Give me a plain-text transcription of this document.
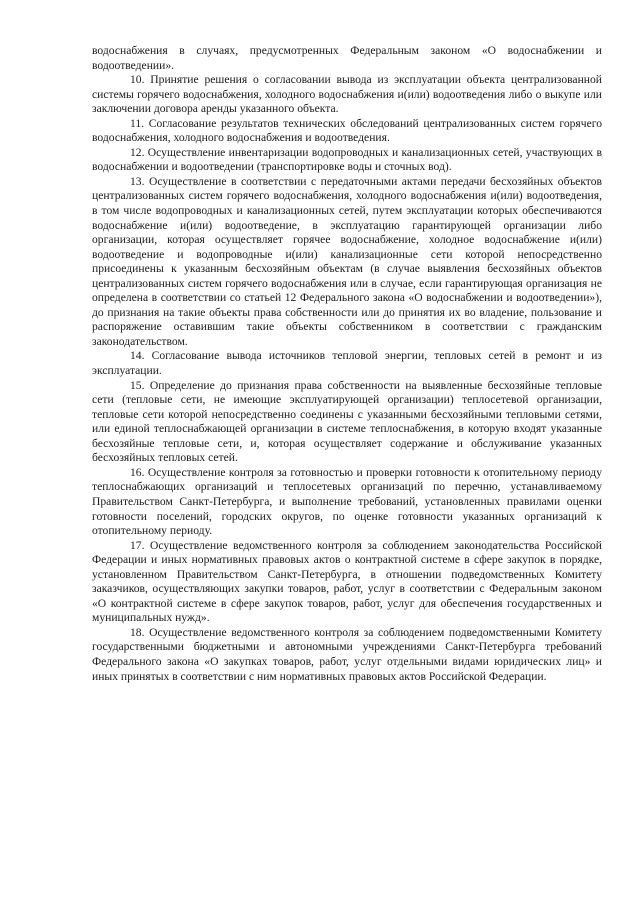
водоснабжения в случаях, предусмотренных Федеральным законом «О водоснабжении и водоотведении».

10. Принятие решения о согласовании вывода из эксплуатации объекта централизованной системы горячего водоснабжения, холодного водоснабжения и(или) водоотведения либо о выкупе или заключении договора аренды указанного объекта.

11. Согласование результатов технических обследований централизованных систем горячего водоснабжения, холодного водоснабжения и водоотведения.

12. Осуществление инвентаризации водопроводных и канализационных сетей, участвующих в водоснабжении и водоотведении (транспортировке воды и сточных вод).

13. Осуществление в соответствии с передаточными актами передачи бесхозяйных объектов централизованных систем горячего водоснабжения, холодного водоснабжения и(или) водоотведения, в том числе водопроводных и канализационных сетей, путем эксплуатации которых обеспечиваются водоснабжение и(или) водоотведение, в эксплуатацию гарантирующей организации либо организации, которая осуществляет горячее водоснабжение, холодное водоснабжение и(или) водоотведение и водопроводные и(или) канализационные сети которой непосредственно присоединены к указанным бесхозяйным объектам (в случае выявления бесхозяйных объектов централизованных систем горячего водоснабжения или в случае, если гарантирующая организация не определена в соответствии со статьей 12 Федерального закона «О водоснабжении и водоотведении»), до признания на такие объекты права собственности или до принятия их во владение, пользование и распоряжение оставившим такие объекты собственником в соответствии с гражданским законодательством.

14. Согласование вывода источников тепловой энергии, тепловых сетей в ремонт и из эксплуатации.

15. Определение до признания права собственности на выявленные бесхозяйные тепловые сети (тепловые сети, не имеющие эксплуатирующей организации) теплосетевой организации, тепловые сети которой непосредственно соединены с указанными бесхозяйными тепловыми сетями, или единой теплоснабжающей организации в системе теплоснабжения, в которую входят указанные бесхозяйные тепловые сети, и, которая осуществляет содержание и обслуживание указанных бесхозяйных тепловых сетей.

16. Осуществление контроля за готовностью и проверки готовности к отопительному периоду теплоснабжающих организаций и теплосетевых организаций по перечню, устанавливаемому Правительством Санкт-Петербурга, и выполнение требований, установленных правилами оценки готовности поселений, городских округов, по оценке готовности указанных организаций к отопительному периоду.

17. Осуществление ведомственного контроля за соблюдением законодательства Российской Федерации и иных нормативных правовых актов о контрактной системе в сфере закупок в порядке, установленном Правительством Санкт-Петербурга, в отношении подведомственных Комитету заказчиков, осуществляющих закупки товаров, работ, услуг в соответствии с Федеральным законом «О контрактной системе в сфере закупок товаров, работ, услуг для обеспечения государственных и муниципальных нужд».

18. Осуществление ведомственного контроля за соблюдением подведомственными Комитету государственными бюджетными и автономными учреждениями Санкт-Петербурга требований Федерального закона «О закупках товаров, работ, услуг отдельными видами юридических лиц» и иных принятых в соответствии с ним нормативных правовых актов Российской Федерации.
